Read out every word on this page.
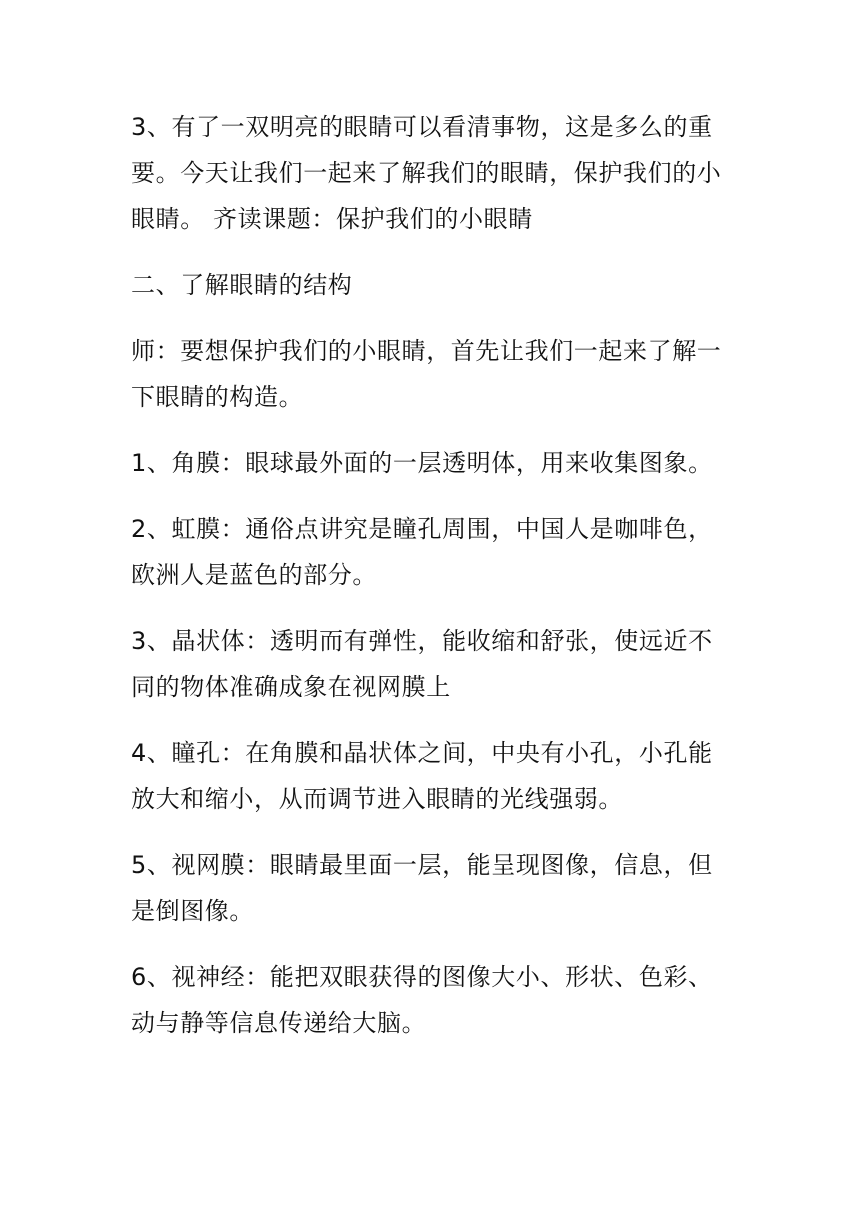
3、有了一双明亮的眼睛可以看清事物，这是多么的重要。今天让我们一起来了解我们的眼睛，保护我们的小眼睛。 齐读课题：保护我们的小眼睛

二、了解眼睛的结构

师：要想保护我们的小眼睛，首先让我们一起来了解一下眼睛的构造。

1、角膜：眼球最外面的一层透明体，用来收集图象。

2、虹膜：通俗点讲究是瞳孔周围，中国人是咖啡色，欧洲人是蓝色的部分。

3、晶状体：透明而有弹性，能收缩和舒张，使远近不同的物体准确成象在视网膜上

4、瞳孔：在角膜和晶状体之间，中央有小孔，小孔能放大和缩小，从而调节进入眼睛的光线强弱。

5、视网膜：眼睛最里面一层，能呈现图像，信息，但是倒图像。

6、视神经：能把双眼获得的图像大小、形状、色彩、动与静等信息传递给大脑。
